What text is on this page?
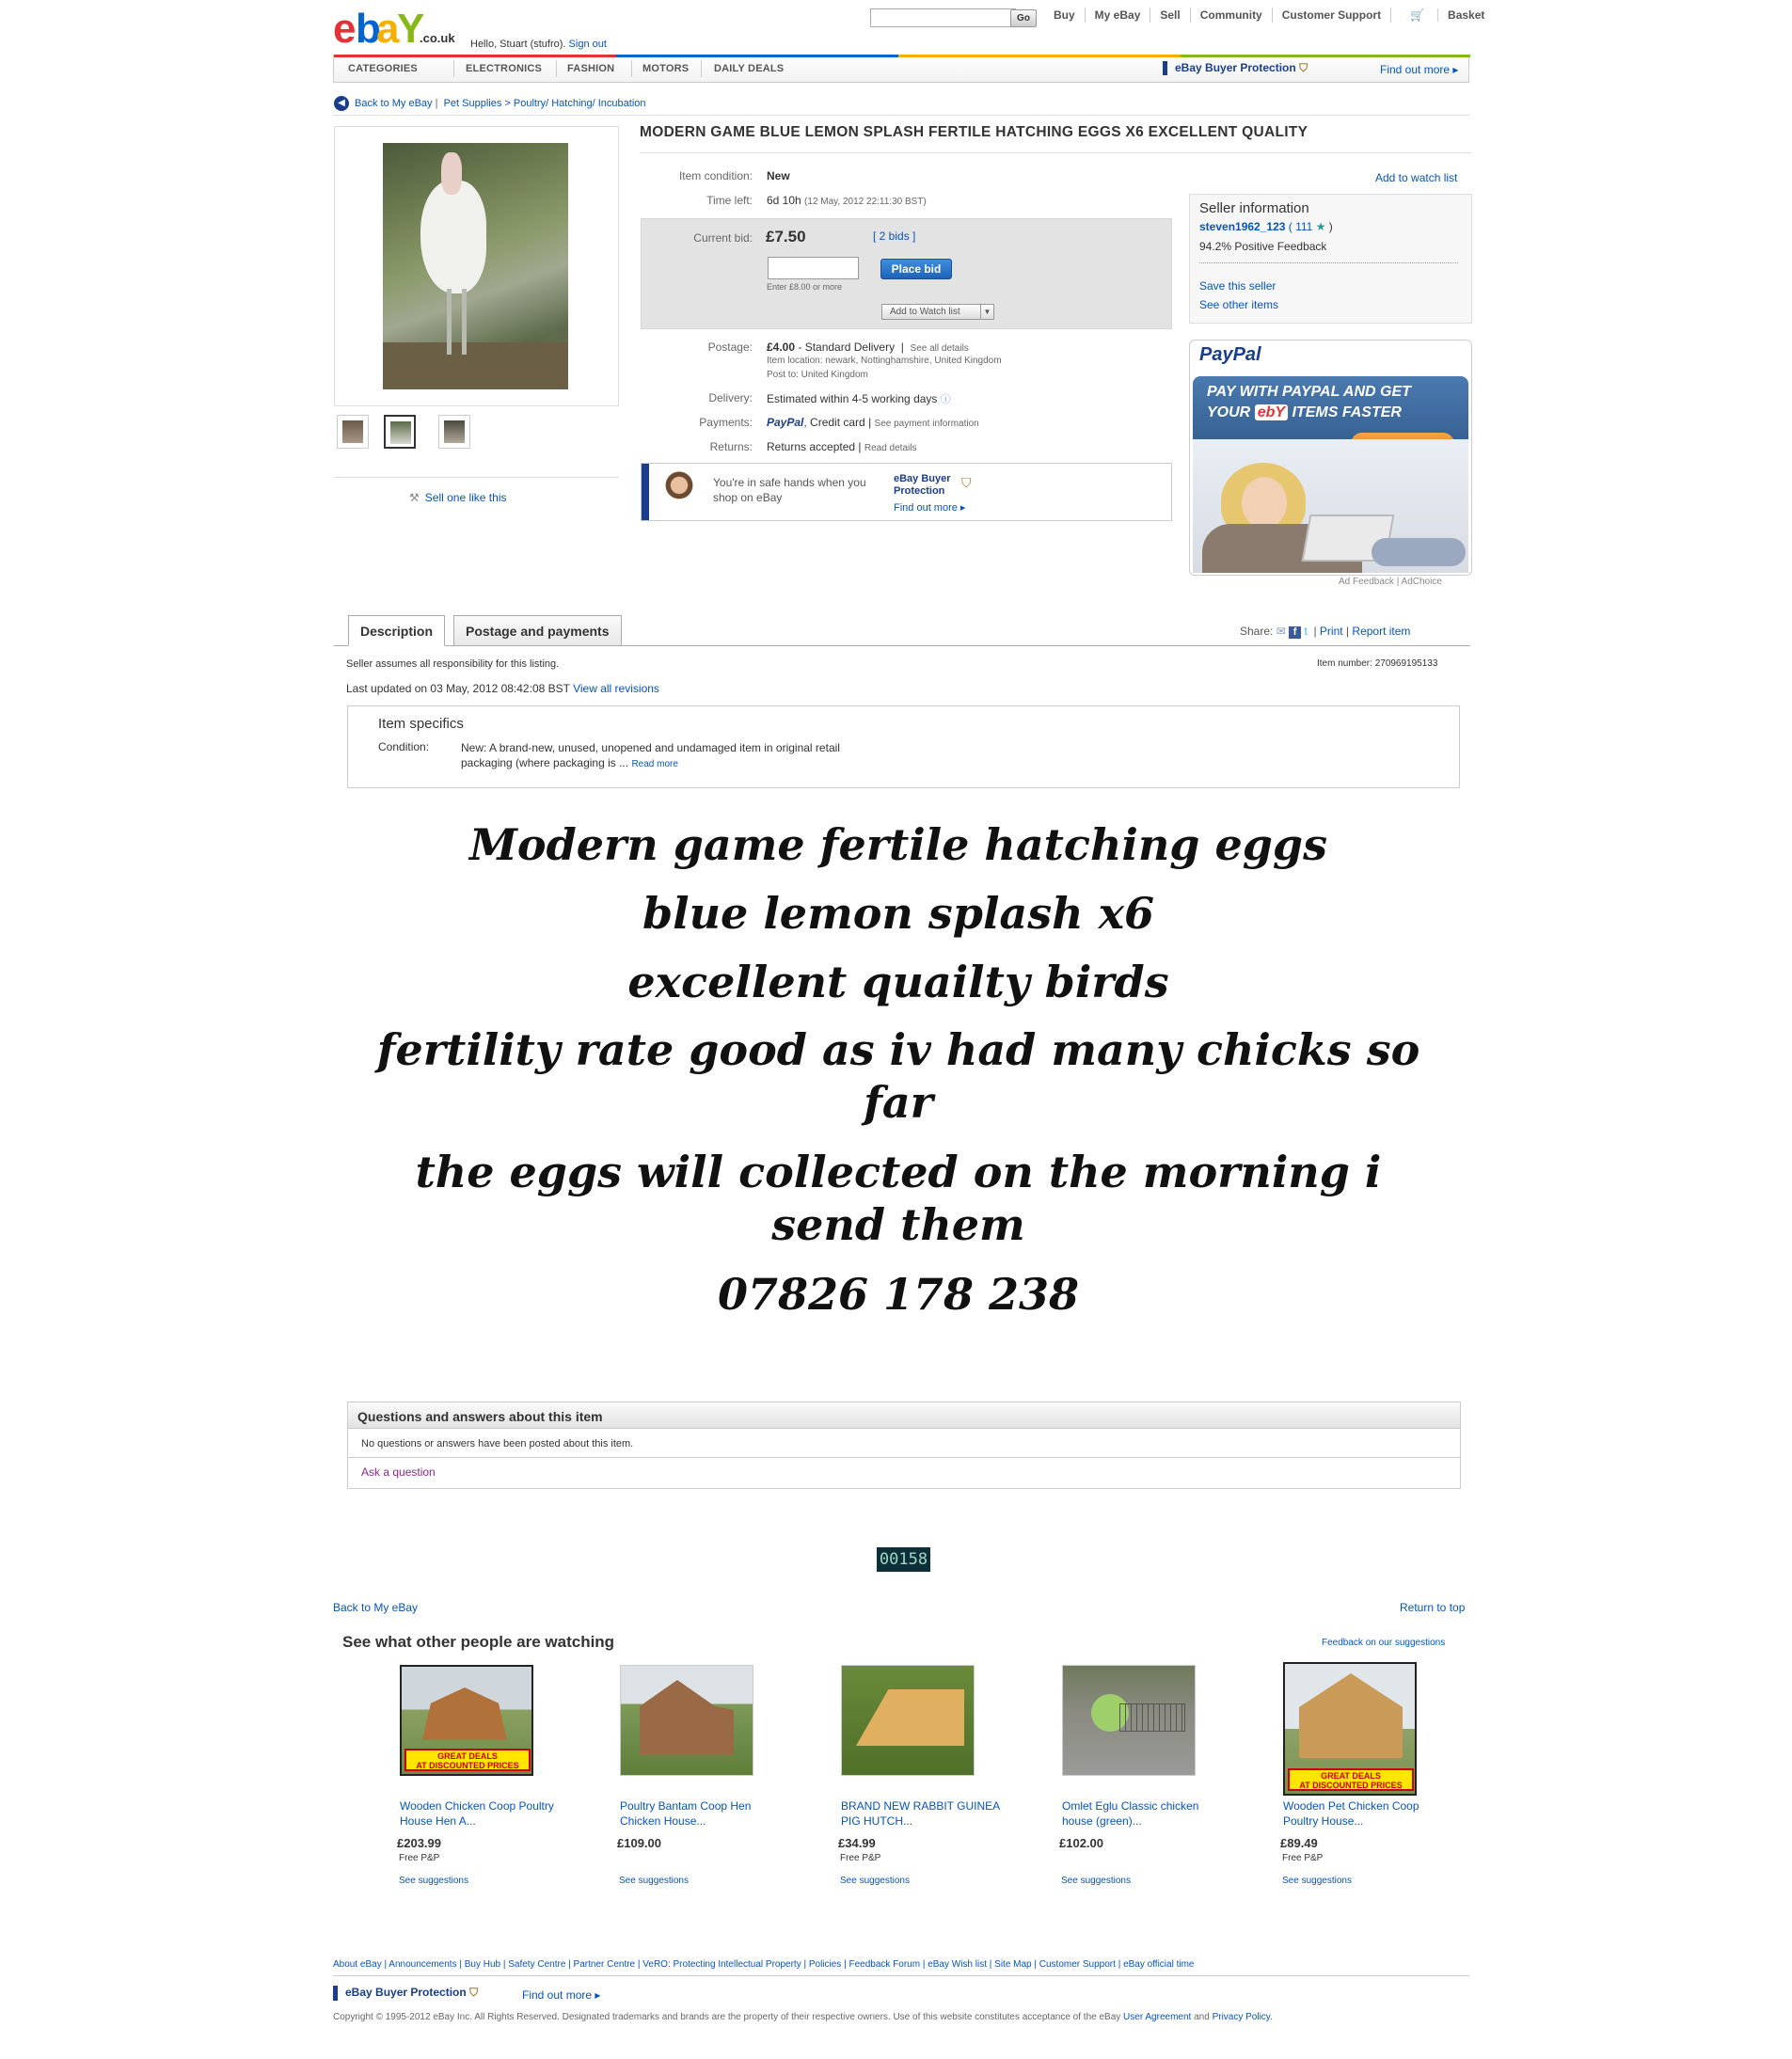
e b a Y
.co.uk Hello, Stuart (stufro). Sign out
Go	Buy	My eBay	Sell	Community	Customer Support	🛒 Basket
CATEGORIES	ELECTRONICS FASHION	MOTORS DAILY DEALS	eBay Buyer Protection ⛉	Find out more ▸
◀ Back to My eBay |  Pet Supplies > Poultry/ Hatching/ Incubation
⚒ Sell one like this
MODERN GAME BLUE LEMON SPLASH FERTILE HATCHING EGGS X6 EXCELLENT QUALITY
Item condition: New
Time left: 6d 10h (12 May, 2012 22:11:30 BST)
Current bid: £7.50	[ 2 bids ]
Place bid
Enter £8.00 or more
Add to Watch list	▼
Postage: £4.00 - Standard Delivery  |  See all details
Item location: newark, Nottinghamshire, United Kingdom
Post to: United Kingdom
Delivery: Estimated within 4-5 working days ⓘ
Payments: PayPal, Credit card | See payment information
Returns: Returns accepted | Read details
You're in safe hands when you shop on eBay
eBay Buyer Protection
⛉
Find out more ▸
Add to watch list
Seller information
steven1962_123 ( 111 ★ )
94.2% Positive Feedback
Save this seller
See other items
PayPal
PAY WITH PAYPAL AND GET
YOUR ebY ITEMS FASTER
Ad Feedback | AdChoice
Description	Postage and payments	Share: ✉ f t  | Print | Report item
Seller assumes all responsibility for this listing.
Last updated on 03 May, 2012 08:42:08 BST View all revisions
Item number: 270969195133
Item specifics
Condition:	New: A brand-new, unused, unopened and undamaged item in original retail packaging (where packaging is ... Read more
Modern game fertile hatching eggs
blue lemon splash x6
excellent quailty birds
fertility rate good as iv had many chicks so far
the eggs will collected on the morning i send them
07826 178 238
Questions and answers about this item
No questions or answers have been posted about this item.
Ask a question
00158
Back to My eBay	Return to top
See what other people are watching	Feedback on our suggestions
GREAT DEALS
AT DISCOUNTED PRICES
Wooden Chicken Coop Poultry House Hen A...
£203.99
Free P&P
See suggestions
Poultry Bantam Coop Hen Chicken House...
£109.00
See suggestions
BRAND NEW RABBIT GUINEA PIG HUTCH...
£34.99
Free P&P
See suggestions
Omlet Eglu Classic chicken house (green)...
£102.00
See suggestions
GREAT DEALS
AT DISCOUNTED PRICES
Wooden Pet Chicken Coop Poultry House...
£89.49
Free P&P
See suggestions
About eBay | Announcements | Buy Hub | Safety Centre | Partner Centre | VeRO: Protecting Intellectual Property | Policies | Feedback Forum | eBay Wish list | Site Map | Customer Support | eBay official time
eBay Buyer Protection ⛉	Find out more ▸
Copyright © 1995-2012 eBay Inc. All Rights Reserved. Designated trademarks and brands are the property of their respective owners. Use of this website constitutes acceptance of the eBay User Agreement and Privacy Policy.
